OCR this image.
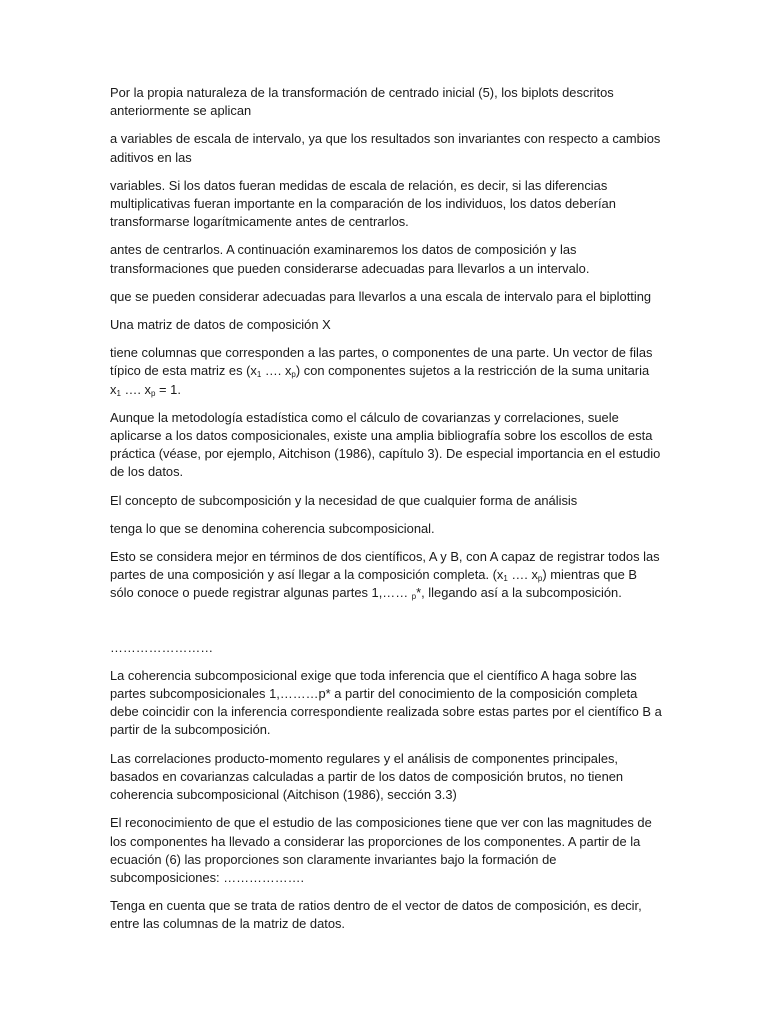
Por la propia naturaleza de la transformación de centrado inicial (5), los biplots descritos anteriormente se aplican

a variables de escala de intervalo, ya que los resultados son invariantes con respecto a cambios aditivos en las

variables. Si los datos fueran medidas de escala de relación, es decir, si las diferencias multiplicativas fueran importante en la comparación de los individuos, los datos deberían transformarse logarítmicamente antes de centrarlos.

antes de centrarlos. A continuación examinaremos los datos de composición y las transformaciones que pueden considerarse adecuadas para llevarlos a un intervalo.

que se pueden considerar adecuadas para llevarlos a una escala de intervalo para el biplotting

Una matriz de datos de composición X

tiene columnas que corresponden a las partes, o componentes de una parte. Un vector de filas típico de esta matriz es ($x_1$ …. $x_p$) con componentes sujetos a la restricción de la suma unitaria $x_1$ …. $x_p = 1$.

Aunque la metodología estadística como el cálculo de covarianzas y correlaciones, suele aplicarse a los datos composicionales, existe una amplia bibliografía sobre los escollos de esta práctica (véase, por ejemplo, Aitchison (1986), capítulo 3). De especial importancia en el estudio de los datos.

El concepto de subcomposición y la necesidad de que cualquier forma de análisis

tenga lo que se denomina coherencia subcomposicional.

Esto se considera mejor en términos de dos científicos, A y B, con A capaz de registrar todos las partes de una composición y así llegar a la composición completa. ($x_1$ …. $x_p$) mientras que B sólo conoce o puede registrar algunas partes 1,…… $_p$*, llegando así a la subcomposición.

……………………

La coherencia subcomposicional exige que toda inferencia que el científico A haga sobre las partes subcomposicionales 1,………p* a partir del conocimiento de la composición completa debe coincidir con la inferencia correspondiente realizada sobre estas partes por el científico B a partir de la subcomposición.

Las correlaciones producto-momento regulares y el análisis de componentes principales, basados en covarianzas calculadas a partir de los datos de composición brutos, no tienen coherencia subcomposicional (Aitchison (1986), sección 3.3)

El reconocimiento de que el estudio de las composiciones tiene que ver con las magnitudes de los componentes ha llevado a considerar las proporciones de los componentes. A partir de la ecuación (6) las proporciones son claramente invariantes bajo la formación de subcomposiciones: ……………….

Tenga en cuenta que se trata de ratios dentro de el vector de datos de composición, es decir, entre las columnas de la matriz de datos.
